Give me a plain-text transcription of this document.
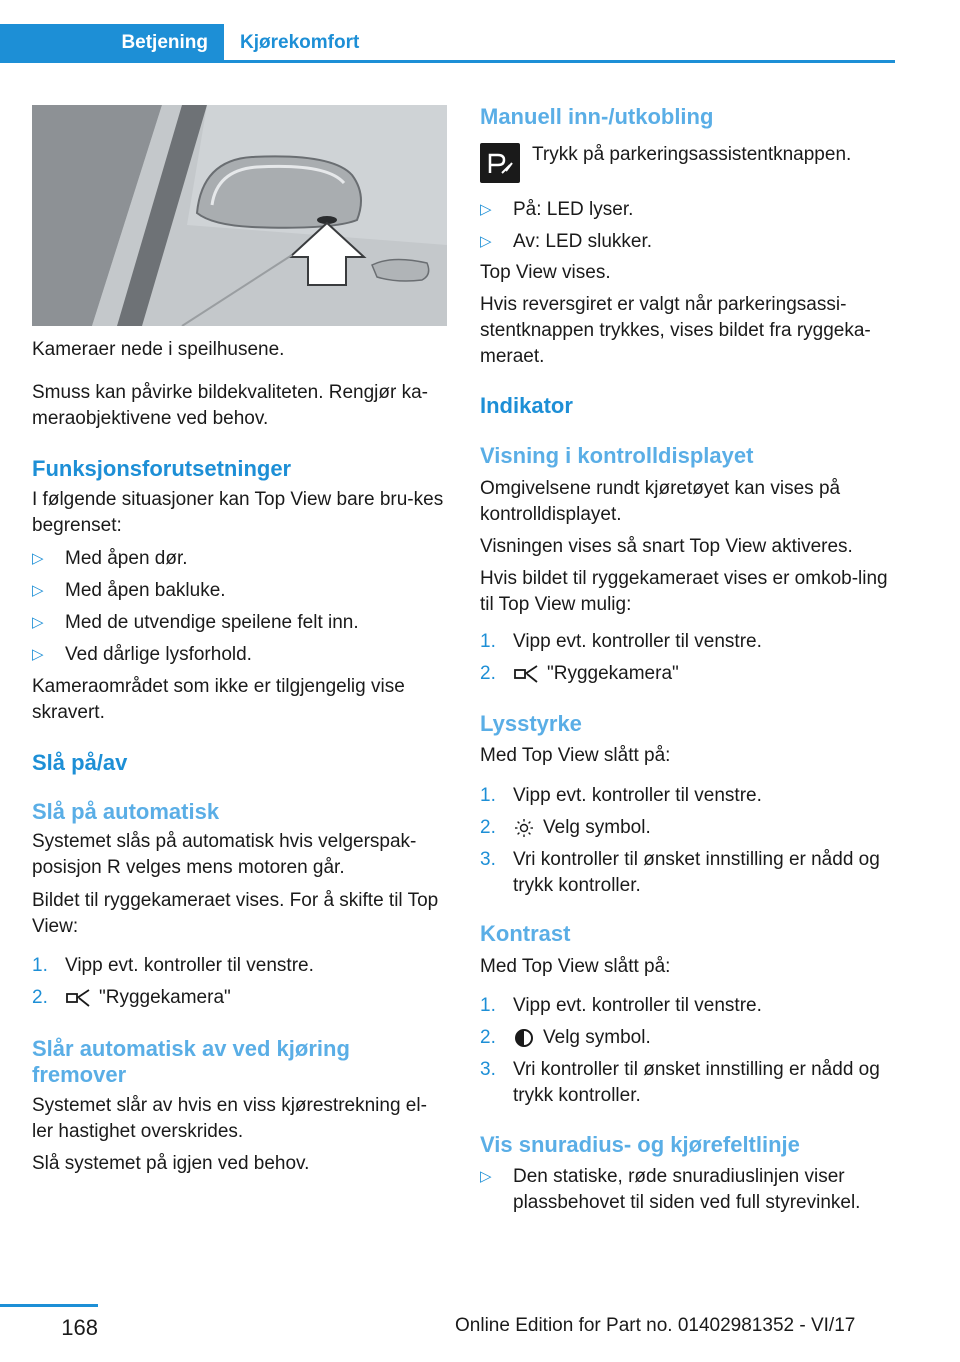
Betjening	Kjørekomfort

Kameraer nede i speilhusene.

Smuss kan påvirke bildekvaliteten. Rengjør ka-meraobjektivene ved behov.

Funksjonsforutsetninger

I følgende situasjoner kan Top View bare bru-kes begrenset:

▷ Med åpen dør.
▷ Med åpen bakluke.
▷ Med de utvendige speilene felt inn.
▷ Ved dårlige lysforhold.

Kameraområdet som ikke er tilgjengelig vise skravert.

Slå på/av
Slå på automatisk

Systemet slås på automatisk hvis velgerspak-posisjon R velges mens motoren går.

Bildet til ryggekameraet vises. For å skifte til Top View:

1. Vipp evt. kontroller til venstre.
2.	"Ryggekamera"
Slår automatisk av ved kjøring fremover

Systemet slår av hvis en viss kjørestrekning el-ler hastighet overskrides.

Slå systemet på igjen ved behov.

Manuell inn-/utkobling

Trykk på parkeringsassistentknappen.

▷ På: LED lyser.
▷ Av: LED slukker.

Top View vises.

Hvis reversgiret er valgt når parkeringsassi-stentknappen trykkes, vises bildet fra ryggeka-meraet.

Indikator
Visning i kontrolldisplayet

Omgivelsene rundt kjøretøyet kan vises på kontrolldisplayet.

Visningen vises så snart Top View aktiveres.

Hvis bildet til ryggekameraet vises er omkob-ling til Top View mulig:

1. Vipp evt. kontroller til venstre.
2.	"Ryggekamera"
Lysstyrke

Med Top View slått på:

1. Vipp evt. kontroller til venstre.
2. Velg symbol.
3. Vri kontroller til ønsket innstilling er nådd og trykk kontroller.
Kontrast

Med Top View slått på:

1. Vipp evt. kontroller til venstre.
2. Velg symbol.
3. Vri kontroller til ønsket innstilling er nådd og trykk kontroller.
Vis snuradius- og kjørefeltlinje
▷ Den statiske, røde snuradiuslinjen viser plassbehovet til siden ved full styrevinkel.
168	Online Edition for Part no. 01402981352 - VI/17
